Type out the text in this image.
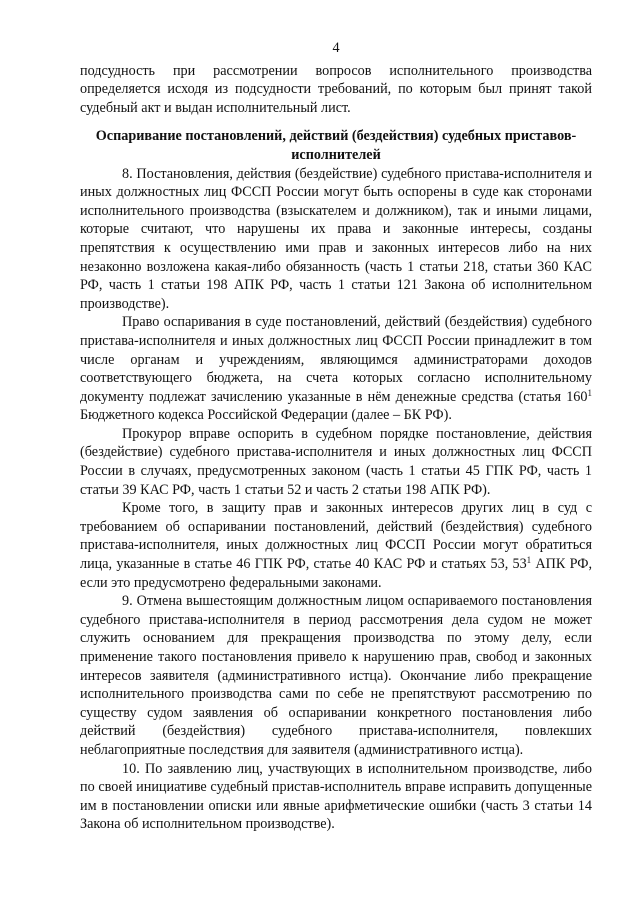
4

подсудность при рассмотрении вопросов исполнительного производства определяется исходя из подсудности требований, по которым был принят такой судебный акт и выдан исполнительный лист.

Оспаривание постановлений, действий (бездействия) судебных приставов-исполнителей

8. Постановления, действия (бездействие) судебного пристава-исполнителя и иных должностных лиц ФССП России могут быть оспорены в суде как сторонами исполнительного производства (взыскателем и должником), так и иными лицами, которые считают, что нарушены их права и законные интересы, созданы препятствия к осуществлению ими прав и законных интересов либо на них незаконно возложена какая-либо обязанность (часть 1 статьи 218, статьи 360 КАС РФ, часть 1 статьи 198 АПК РФ, часть 1 статьи 121 Закона об исполнительном производстве).

Право оспаривания в суде постановлений, действий (бездействия) судебного пристава-исполнителя и иных должностных лиц ФССП России принадлежит в том числе органам и учреждениям, являющимся администраторами доходов соответствующего бюджета, на счета которых согласно исполнительному документу подлежат зачислению указанные в нём денежные средства (статья $160^1$ Бюджетного кодекса Российской Федерации (далее – БК РФ).

Прокурор вправе оспорить в судебном порядке постановление, действия (бездействие) судебного пристава-исполнителя и иных должностных лиц ФССП России в случаях, предусмотренных законом (часть 1 статьи 45 ГПК РФ, часть 1 статьи 39 КАС РФ, часть 1 статьи 52 и часть 2 статьи 198 АПК РФ).

Кроме того, в защиту прав и законных интересов других лиц в суд с требованием об оспаривании постановлений, действий (бездействия) судебного пристава-исполнителя, иных должностных лиц ФССП России могут обратиться лица, указанные в статье 46 ГПК РФ, статье 40 КАС РФ и статьях 53, $53^1$ АПК РФ, если это предусмотрено федеральными законами.

9. Отмена вышестоящим должностным лицом оспариваемого постановления судебного пристава-исполнителя в период рассмотрения дела судом не может служить основанием для прекращения производства по этому делу, если применение такого постановления привело к нарушению прав, свобод и законных интересов заявителя (административного истца). Окончание либо прекращение исполнительного производства сами по себе не препятствуют рассмотрению по существу судом заявления об оспаривании конкретного постановления либо действий (бездействия) судебного пристава-исполнителя, повлекших неблагоприятные последствия для заявителя (административного истца).

10. По заявлению лиц, участвующих в исполнительном производстве, либо по своей инициативе судебный пристав-исполнитель вправе исправить допущенные им в постановлении описки или явные арифметические ошибки (часть 3 статьи 14 Закона об исполнительном производстве).
